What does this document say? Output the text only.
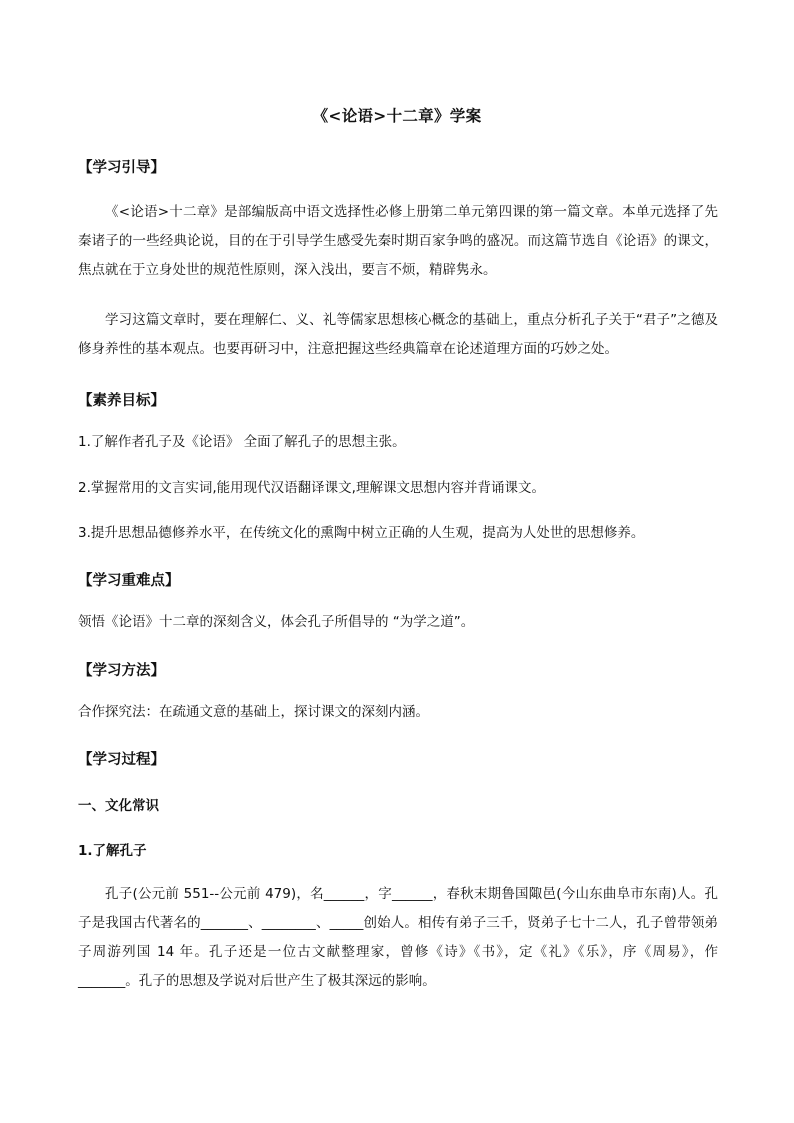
《<论语>十二章》学案
【学习引导】
《<论语>十二章》是部编版高中语文选择性必修上册第二单元第四课的第一篇文章。本单元选择了先秦诸子的一些经典论说，目的在于引导学生感受先秦时期百家争鸣的盛况。而这篇节选自《论语》的课文，焦点就在于立身处世的规范性原则，深入浅出，要言不烦，精辟隽永。
学习这篇文章时，要在理解仁、义、礼等儒家思想核心概念的基础上，重点分析孔子关于“君子”之德及修身养性的基本观点。也要再研习中，注意把握这些经典篇章在论述道理方面的巧妙之处。
【素养目标】
1.了解作者孔子及《论语》 全面了解孔子的思想主张。
2.掌握常用的文言实词,能用现代汉语翻译课文,理解课文思想内容并背诵课文。
3.提升思想品德修养水平，在传统文化的熏陶中树立正确的人生观，提高为人处世的思想修养。
【学习重难点】
领悟《论语》十二章的深刻含义，体会孔子所倡导的 “为学之道”。
【学习方法】
合作探究法：在疏通文意的基础上，探讨课文的深刻内涵。
【学习过程】
一、文化常识
1.了解孔子
孔子(公元前 551--公元前 479)，名______，字______，春秋末期鲁国陬邑(今山东曲阜市东南)人。孔子是我国古代著名的_______、________、_____创始人。相传有弟子三千，贤弟子七十二人，孔子曾带领弟子周游列国 14 年。孔子还是一位古文献整理家，曾修《诗》《书》，定《礼》《乐》，序《周易》，作_______。孔子的思想及学说对后世产生了极其深远的影响。
